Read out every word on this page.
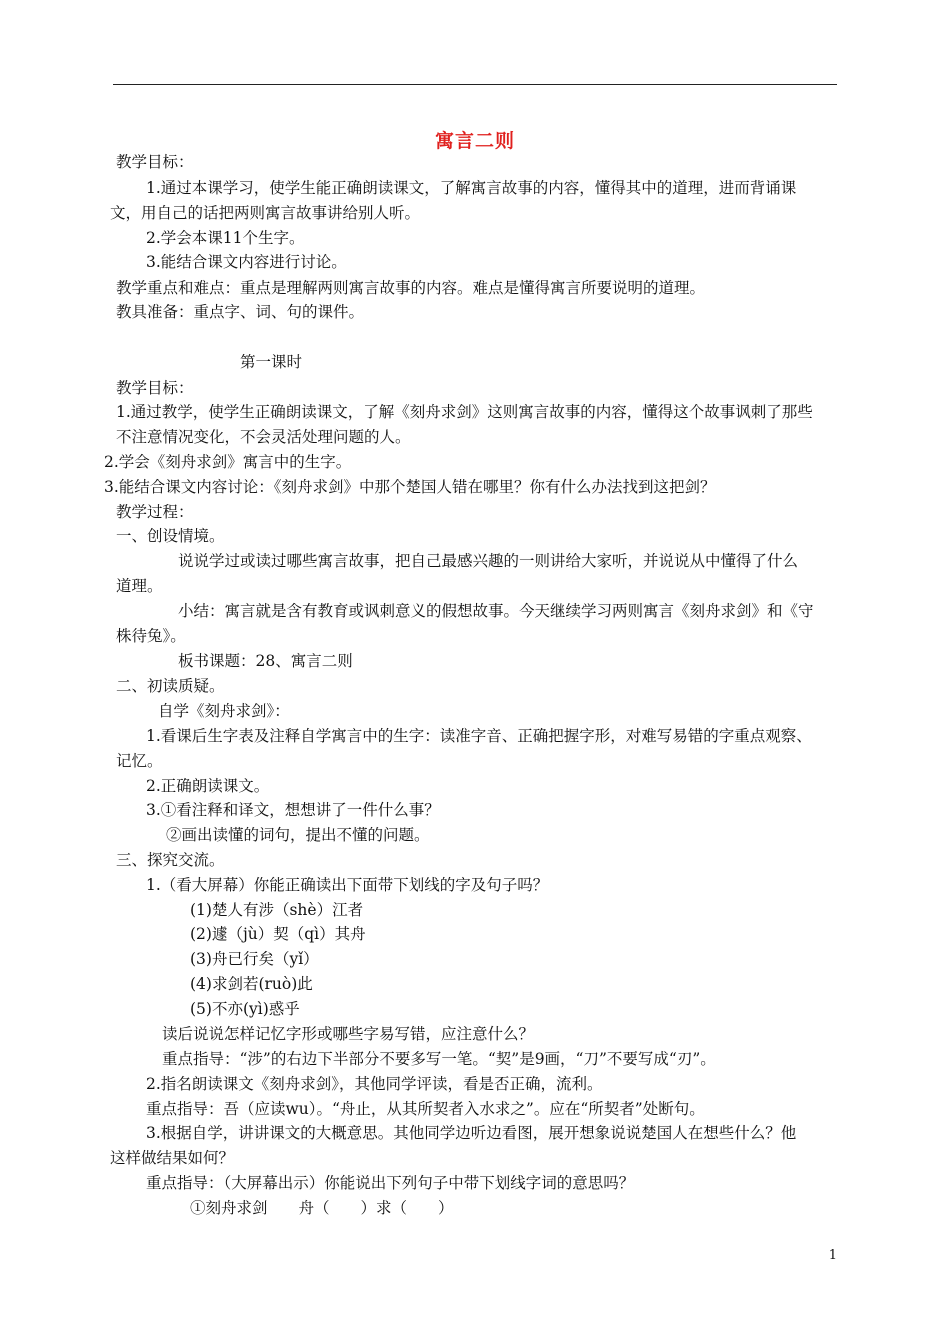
寓言二则
教学目标：
1.通过本课学习，使学生能正确朗读课文，了解寓言故事的内容，懂得其中的道理，进而背诵课
文，用自己的话把两则寓言故事讲给别人听。
2.学会本课11个生字。
3.能结合课文内容进行讨论。
教学重点和难点：重点是理解两则寓言故事的内容。难点是懂得寓言所要说明的道理。
教具准备：重点字、词、句的课件。
第一课时
教学目标：
1.通过教学，使学生正确朗读课文，了解《刻舟求剑》这则寓言故事的内容，懂得这个故事讽刺了那些
不注意情况变化，不会灵活处理问题的人。
2.学会《刻舟求剑》寓言中的生字。
3.能结合课文内容讨论：《刻舟求剑》中那个楚国人错在哪里？你有什么办法找到这把剑？
教学过程：
一、创设情境。
说说学过或读过哪些寓言故事，把自己最感兴趣的一则讲给大家听，并说说从中懂得了什么
道理。
小结：寓言就是含有教育或讽刺意义的假想故事。今天继续学习两则寓言《刻舟求剑》和《守
株待兔》。
板书课题：28、寓言二则
二、初读质疑。
自学《刻舟求剑》：
1.看课后生字表及注释自学寓言中的生字：读准字音、正确把握字形，对难写易错的字重点观察、
记忆。
2.正确朗读课文。
3.①看注释和译文，想想讲了一件什么事？
②画出读懂的词句，提出不懂的问题。
三、探究交流。
1.（看大屏幕）你能正确读出下面带下划线的字及句子吗？
(1)楚人有涉（shè）江者
(2)遽（jù）契（qì）其舟
(3)舟已行矣（yǐ）
(4)求剑若(ruò)此
(5)不亦(yì)惑乎
读后说说怎样记忆字形或哪些字易写错，应注意什么？
重点指导：“涉”的右边下半部分不要多写一笔。“契”是9画，“刀”不要写成“刃”。
2.指名朗读课文《刻舟求剑》，其他同学评读，看是否正确，流利。
重点指导：吾（应读wu）。“舟止，从其所契者入水求之”。应在“所契者”处断句。
3.根据自学，讲讲课文的大概意思。其他同学边听边看图，展开想象说说楚国人在想些什么？他
这样做结果如何？
重点指导：（大屏幕出示）你能说出下列句子中带下划线字词的意思吗？
①刻舟求剑　　舟（　　）求（　　）
1
